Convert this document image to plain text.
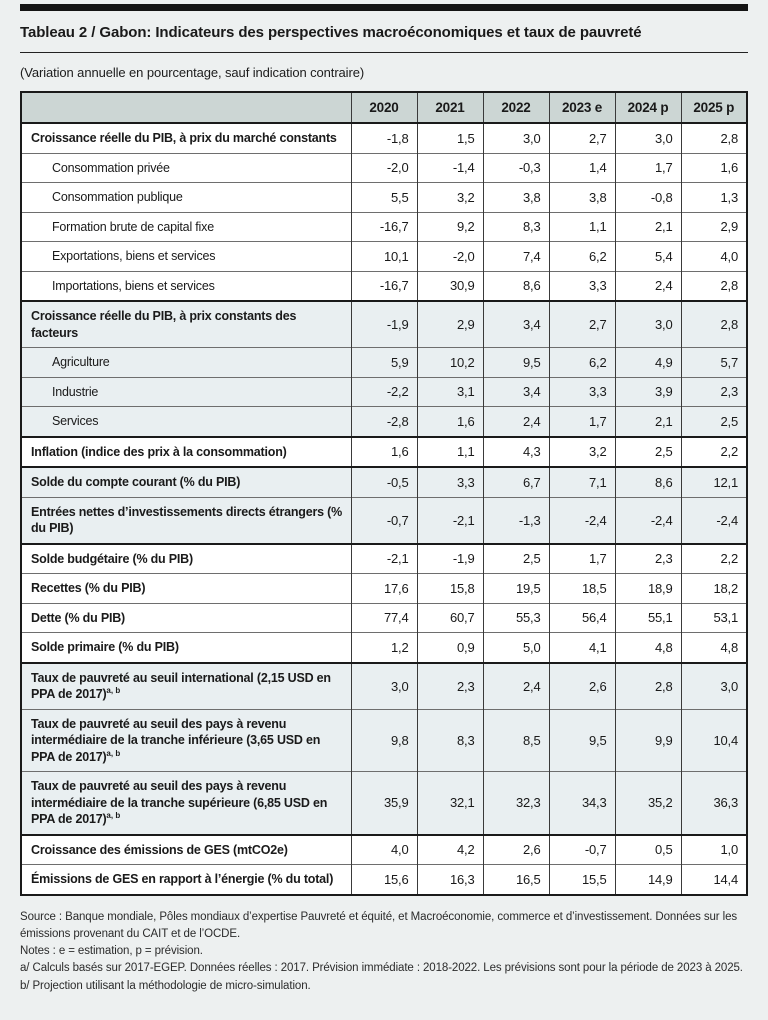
Tableau 2 / Gabon: Indicateurs des perspectives macroéconomiques et taux de pauvreté

(Variation annuelle en pourcentage, sauf indication contraire)

	2020	2021	2022	2023 e	2024 p	2025 p
Croissance réelle du PIB, à prix du marché constants	-1,8	1,5	3,0	2,7	3,0	2,8
Consommation privée	-2,0	-1,4	-0,3	1,4	1,7	1,6
Consommation publique	5,5	3,2	3,8	3,8	-0,8	1,3
Formation brute de capital fixe	-16,7	9,2	8,3	1,1	2,1	2,9
Exportations, biens et services	10,1	-2,0	7,4	6,2	5,4	4,0
Importations, biens et services	-16,7	30,9	8,6	3,3	2,4	2,8
Croissance réelle du PIB, à prix constants des facteurs	-1,9	2,9	3,4	2,7	3,0	2,8
Agriculture	5,9	10,2	9,5	6,2	4,9	5,7
Industrie	-2,2	3,1	3,4	3,3	3,9	2,3
Services	-2,8	1,6	2,4	1,7	2,1	2,5
Inflation (indice des prix à la consommation)	1,6	1,1	4,3	3,2	2,5	2,2
Solde du compte courant (% du PIB)	-0,5	3,3	6,7	7,1	8,6	12,1
Entrées nettes d’investissements directs étrangers (% du PIB)	-0,7	-2,1	-1,3	-2,4	-2,4	-2,4
Solde budgétaire (% du PIB)	-2,1	-1,9	2,5	1,7	2,3	2,2
Recettes (% du PIB)	17,6	15,8	19,5	18,5	18,9	18,2
Dette (% du PIB)	77,4	60,7	55,3	56,4	55,1	53,1
Solde primaire (% du PIB)	1,2	0,9	5,0	4,1	4,8	4,8
Taux de pauvreté au seuil international (2,15 USD en PPA de 2017)$^{a, b}$	3,0	2,3	2,4	2,6	2,8	3,0
Taux de pauvreté au seuil des pays à revenu intermédiaire de la tranche inférieure (3,65 USD en PPA de 2017)$^{a, b}$	9,8	8,3	8,5	9,5	9,9	10,4
Taux de pauvreté au seuil des pays à revenu intermédiaire de la tranche supérieure (6,85 USD en PPA de 2017)$^{a, b}$	35,9	32,1	32,3	34,3	35,2	36,3
Croissance des émissions de GES (mtCO2e)	4,0	4,2	2,6	-0,7	0,5	1,0
Émissions de GES en rapport à l’énergie (% du total)	15,6	16,3	16,5	15,5	14,9	14,4

Source : Banque mondiale, Pôles mondiaux d’expertise Pauvreté et équité, et Macroéconomie, commerce et d’investissement. Données sur les émissions provenant du CAIT et de l’OCDE.

Notes : e = estimation, p = prévision.

a/ Calculs basés sur 2017-EGEP. Données réelles : 2017. Prévision immédiate : 2018-2022. Les prévisions sont pour la période de 2023 à 2025.

b/ Projection utilisant la méthodologie de micro-simulation.
